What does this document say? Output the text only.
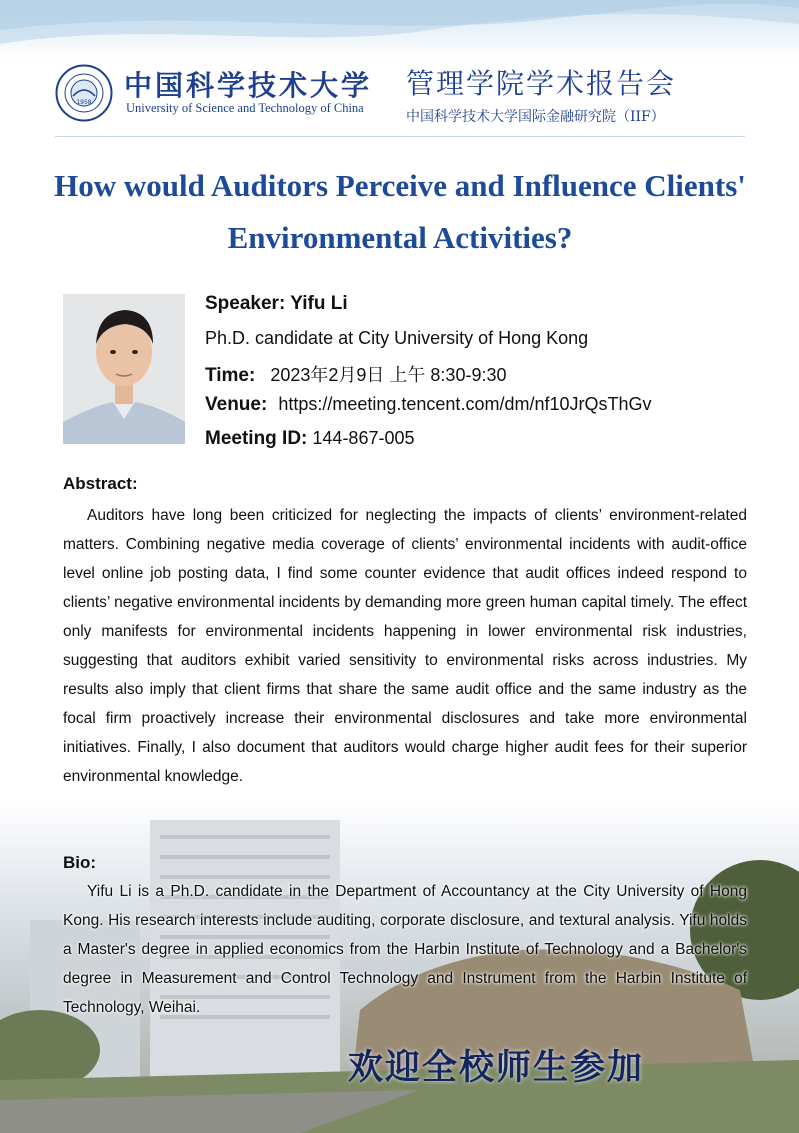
1958
中国科学技术大学
University of Science and Technology of China
管理学院学术报告会
中国科学技术大学国际金融研究院（IIF）
How would Auditors Perceive and Influence Clients'
Environmental Activities?
Speaker: Yifu Li
Ph.D. candidate at City University of Hong Kong
Time: 2023年2月9日 上午 8:30-9:30
Venue: https://meeting.tencent.com/dm/nf10JrQsThGv
Meeting ID: 144-867-005
Abstract:

Auditors have long been criticized for neglecting the impacts of clients’ environment-related matters. Combining negative media coverage of clients’ environmental incidents with audit-office level online job posting data, I find some counter evidence that audit offices indeed respond to clients’ negative environmental incidents by demanding more green human capital timely. The effect only manifests for environmental incidents happening in lower environmental risk industries, suggesting that auditors exhibit varied sensitivity to environmental risks across industries. My results also imply that client firms that share the same audit office and the same industry as the focal firm proactively increase their environmental disclosures and take more environmental initiatives. Finally, I also document that auditors would charge higher audit fees for their superior environmental knowledge.

Bio:

Yifu Li is a Ph.D. candidate in the Department of Accountancy at the City University of Hong Kong. His research interests include auditing, corporate disclosure, and textural analysis. Yifu holds a Master's degree in applied economics from the Harbin Institute of Technology and a Bachelor's degree in Measurement and Control Technology and Instrument from the Harbin Institute of Technology, Weihai.

欢迎全校师生参加
